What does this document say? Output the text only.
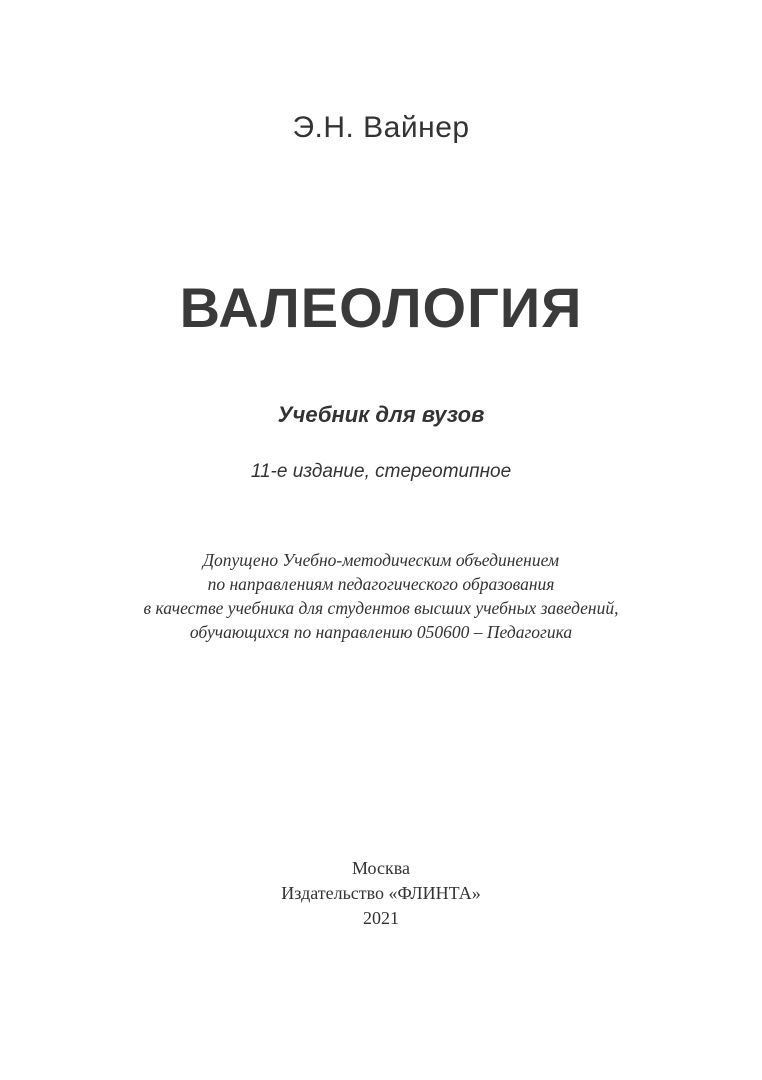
Э.Н. Вайнер
ВАЛЕОЛОГИЯ
Учебник для вузов
11-е издание, стереотипное
Допущено Учебно-методическим объединением
по направлениям педагогического образования
в качестве учебника для студентов высших учебных заведений,
обучающихся по направлению 050600 – Педагогика
Москва
Издательство «ФЛИНТА»
2021
